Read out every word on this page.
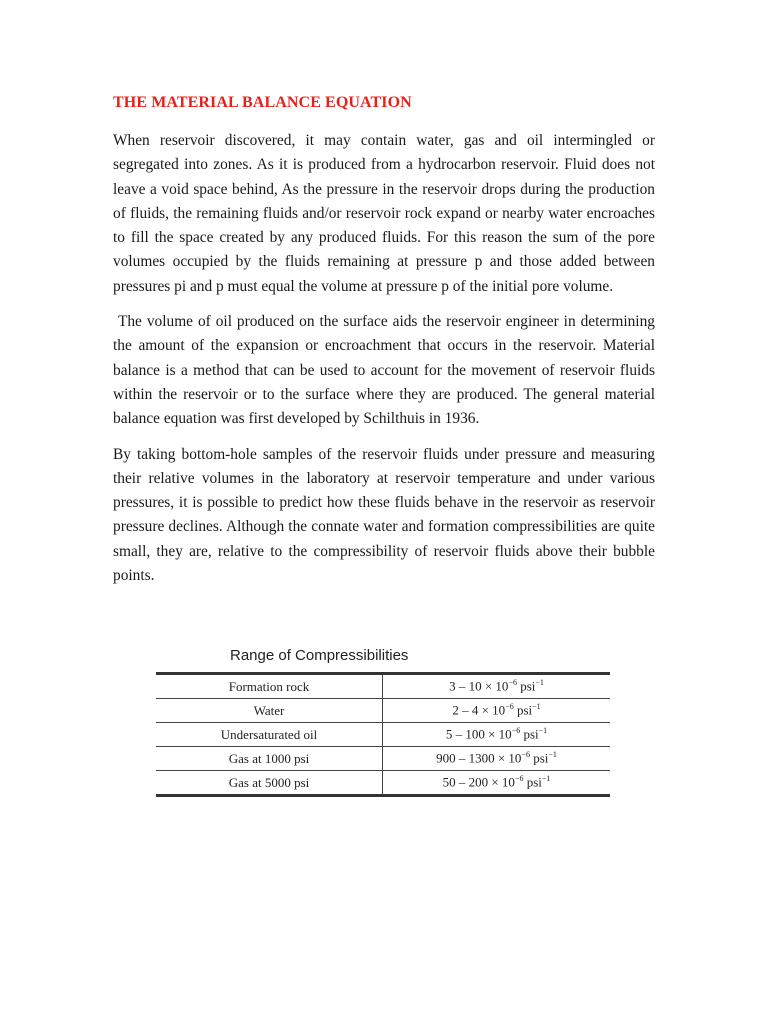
THE MATERIAL BALANCE EQUATION

When reservoir discovered, it may contain water, gas and oil intermingled or segregated into zones. As it is produced from a hydrocarbon reservoir. Fluid does not leave a void space behind, As the pressure in the reservoir drops during the production of fluids, the remaining fluids and/or reservoir rock expand or nearby water encroaches to fill the space created by any produced fluids. For this reason the sum of the pore volumes occupied by the fluids remaining at pressure p and those added between pressures pi and p must equal the volume at pressure p of the initial pore volume.

The volume of oil produced on the surface aids the reservoir engineer in determining the amount of the expansion or encroachment that occurs in the reservoir. Material balance is a method that can be used to account for the movement of reservoir fluids within the reservoir or to the surface where they are produced. The general material balance equation was first developed by Schilthuis in 1936.

By taking bottom-hole samples of the reservoir fluids under pressure and measuring their relative volumes in the laboratory at reservoir temperature and under various pressures, it is possible to predict how these fluids behave in the reservoir as reservoir pressure declines. Although the connate water and formation compressibilities are quite small, they are, relative to the compressibility of reservoir fluids above their bubble points.

Range of Compressibilities
Formation rock	$3 - 10 \times 10^{-6}$ psi$^{-1}$
Water	$2 - 4 \times 10^{-6}$ psi$^{-1}$
Undersaturated oil	$5 - 100 \times 10^{-6}$ psi$^{-1}$
Gas at 1000 psi	$900 - 1300 \times 10^{-6}$ psi$^{-1}$
Gas at 5000 psi	$50 - 200 \times 10^{-6}$ psi$^{-1}$
